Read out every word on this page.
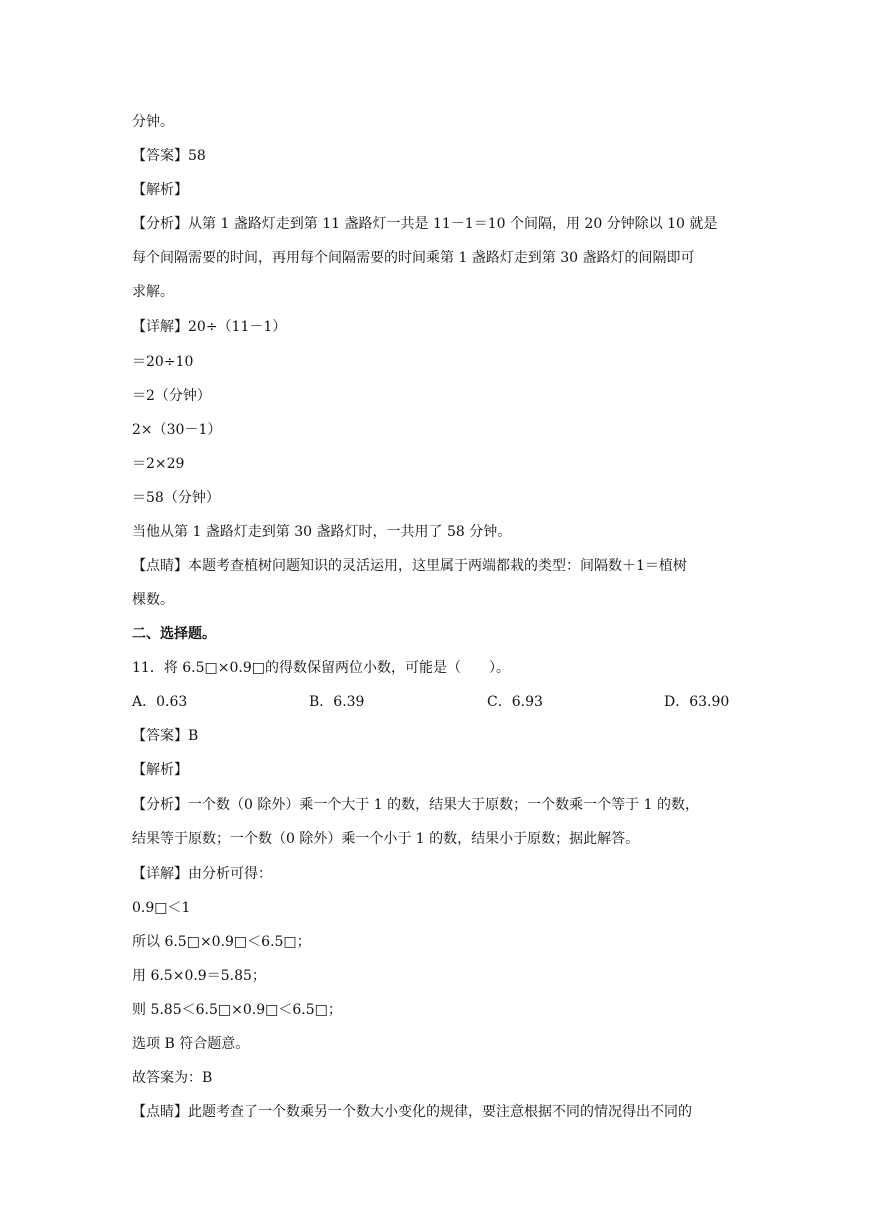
分钟。
【答案】58
【解析】
【分析】从第 1 盏路灯走到第 11 盏路灯一共是 11－1＝10 个间隔，用 20 分钟除以 10 就是
每个间隔需要的时间，再用每个间隔需要的时间乘第 1 盏路灯走到第 30 盏路灯的间隔即可
求解。
【详解】20÷（11－1）
＝20÷10
＝2（分钟）
2×（30－1）
＝2×29
＝58（分钟）
当他从第 1 盏路灯走到第 30 盏路灯时，一共用了 58 分钟。
【点睛】本题考查植树问题知识的灵活运用，这里属于两端都栽的类型：间隔数＋1＝植树
棵数。
二、选择题。
11．将 6.5□×0.9□的得数保留两位小数，可能是（　　）。
A．0.63	B．6.39	C．6.93	D．63.90
【答案】B
【解析】
【分析】一个数（0 除外）乘一个大于 1 的数，结果大于原数；一个数乘一个等于 1 的数，
结果等于原数；一个数（0 除外）乘一个小于 1 的数，结果小于原数；据此解答。
【详解】由分析可得：
0.9□＜1
所以 6.5□×0.9□＜6.5□；
用 6.5×0.9＝5.85；
则 5.85＜6.5□×0.9□＜6.5□；
选项 B 符合题意。
故答案为：B
【点睛】此题考查了一个数乘另一个数大小变化的规律，要注意根据不同的情况得出不同的
